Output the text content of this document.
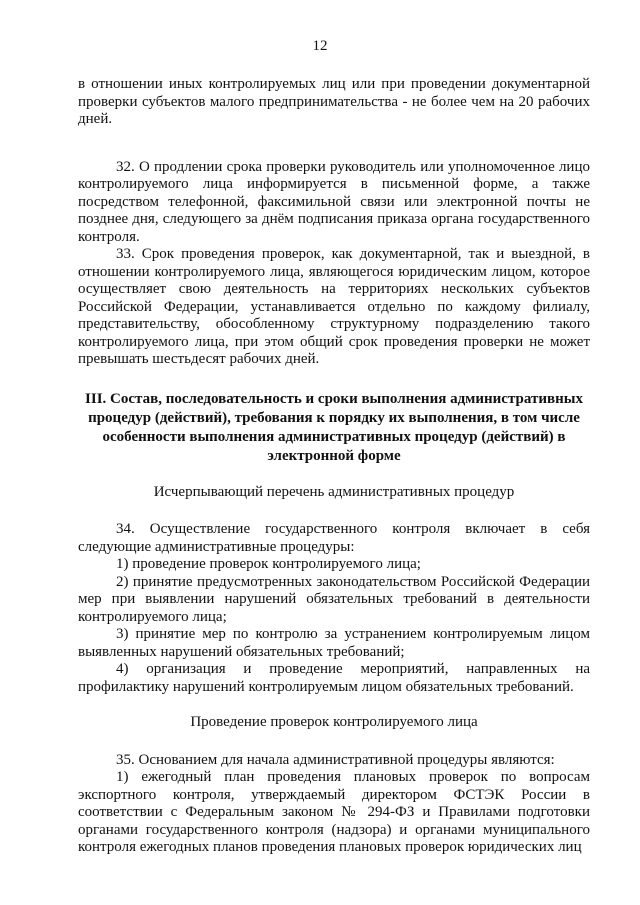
12

в отношении иных контролируемых лиц или при проведении документарной проверки субъектов малого предпринимательства - не более чем на 20 рабочих дней.

32. О продлении срока проверки руководитель или уполномоченное лицо контролируемого лица информируется в письменной форме, а также посредством телефонной, факсимильной связи или электронной почты не позднее дня, следующего за днём подписания приказа органа государственного контроля.

33. Срок проведения проверок, как документарной, так и выездной, в отношении контролируемого лица, являющегося юридическим лицом, которое осуществляет свою деятельность на территориях нескольких субъектов Российской Федерации, устанавливается отдельно по каждому филиалу, представительству, обособленному структурному подразделению такого контролируемого лица, при этом общий срок проведения проверки не может превышать шестьдесят рабочих дней.

III. Состав, последовательность и сроки выполнения административных процедур (действий), требования к порядку их выполнения, в том числе особенности выполнения административных процедур (действий) в электронной форме

Исчерпывающий перечень административных процедур

34. Осуществление государственного контроля включает в себя следующие административные процедуры:

1) проведение проверок контролируемого лица;

2) принятие предусмотренных законодательством Российской Федерации мер при выявлении нарушений обязательных требований в деятельности контролируемого лица;

3) принятие мер по контролю за устранением контролируемым лицом выявленных нарушений обязательных требований;

4) организация и проведение мероприятий, направленных на профилактику нарушений контролируемым лицом обязательных требований.

Проведение проверок контролируемого лица

35. Основанием для начала административной процедуры являются:

1) ежегодный план проведения плановых проверок по вопросам экспортного контроля, утверждаемый директором ФСТЭК России в соответствии с Федеральным законом № 294-ФЗ и Правилами подготовки органами государственного контроля (надзора) и органами муниципального контроля ежегодных планов проведения плановых проверок юридических лиц
